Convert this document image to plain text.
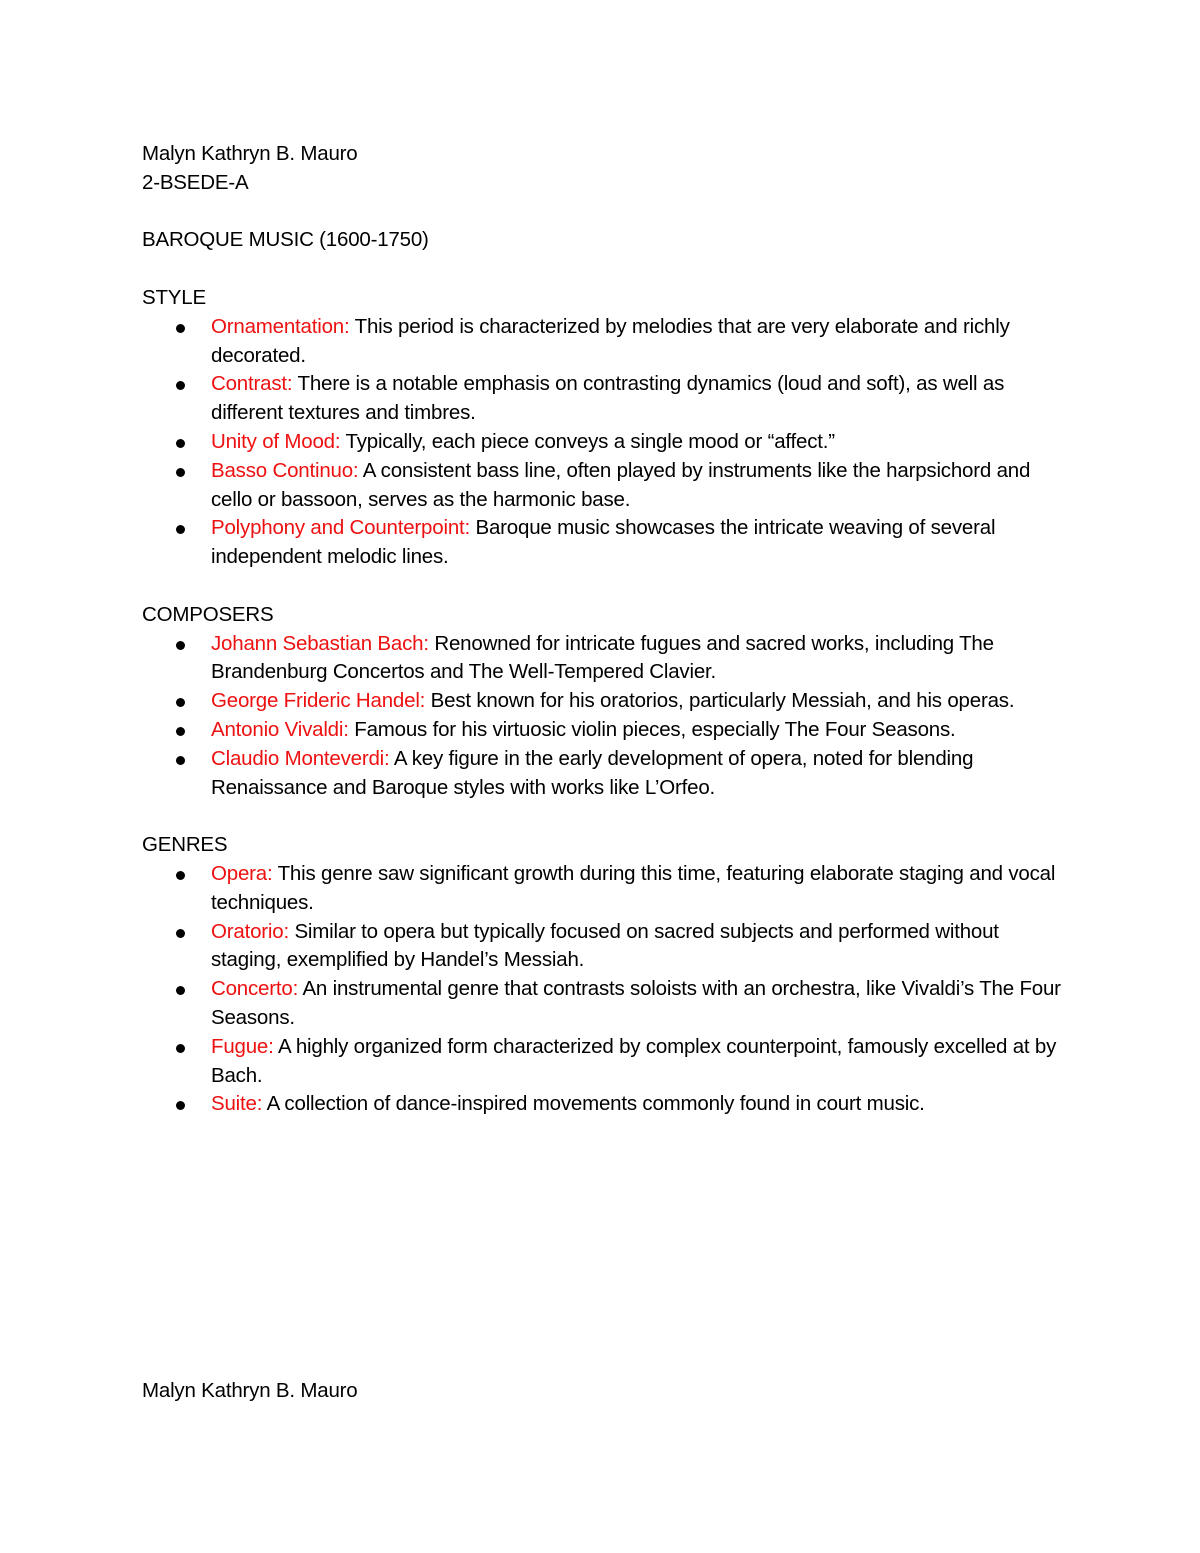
Malyn Kathryn B. Mauro

2-BSEDE-A

BAROQUE MUSIC (1600-1750)

STYLE

Ornamentation: This period is characterized by melodies that are very elaborate and richly decorated.
Contrast: There is a notable emphasis on contrasting dynamics (loud and soft), as well as different textures and timbres.
Unity of Mood: Typically, each piece conveys a single mood or “affect.”
Basso Continuo: A consistent bass line, often played by instruments like the harpsichord and cello or bassoon, serves as the harmonic base.
Polyphony and Counterpoint: Baroque music showcases the intricate weaving of several independent melodic lines.

COMPOSERS

Johann Sebastian Bach: Renowned for intricate fugues and sacred works, including The Brandenburg Concertos and The Well-Tempered Clavier.
George Frideric Handel: Best known for his oratorios, particularly Messiah, and his operas.
Antonio Vivaldi: Famous for his virtuosic violin pieces, especially The Four Seasons.
Claudio Monteverdi: A key figure in the early development of opera, noted for blending Renaissance and Baroque styles with works like L’Orfeo.

GENRES

Opera: This genre saw significant growth during this time, featuring elaborate staging and vocal techniques.
Oratorio: Similar to opera but typically focused on sacred subjects and performed without staging, exemplified by Handel’s Messiah.
Concerto: An instrumental genre that contrasts soloists with an orchestra, like Vivaldi’s The Four Seasons.
Fugue: A highly organized form characterized by complex counterpoint, famously excelled at by Bach.
Suite: A collection of dance-inspired movements commonly found in court music.

Malyn Kathryn B. Mauro
